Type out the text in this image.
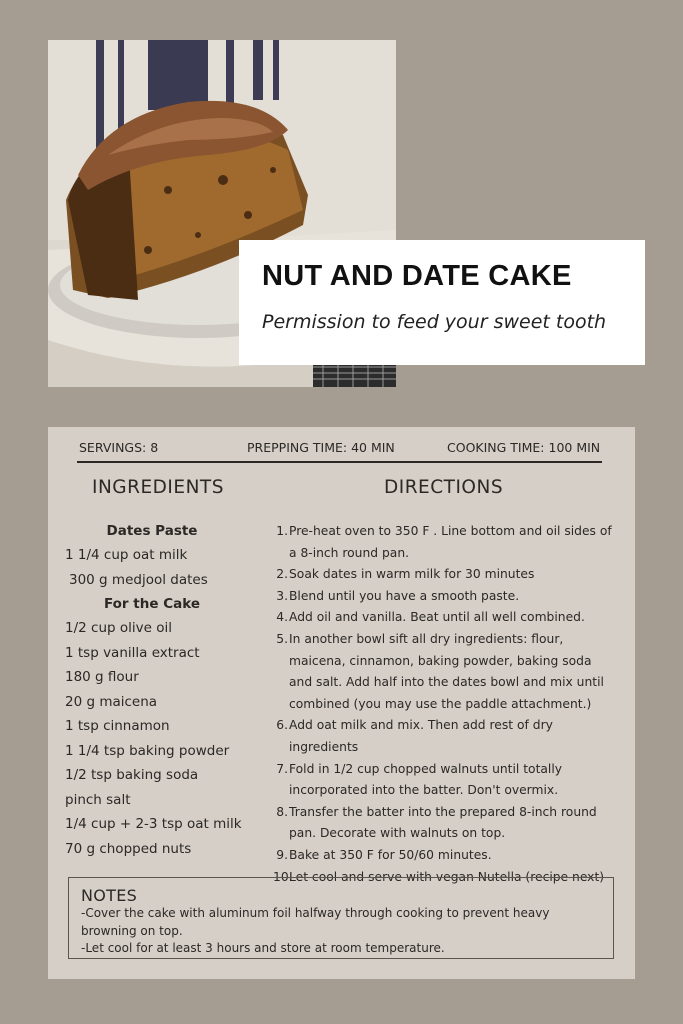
NUT AND DATE CAKE
Permission to feed your sweet tooth
SERVINGS: 8	PREPPING TIME: 40 MIN	COOKING TIME: 100 MIN
INGREDIENTS	DIRECTIONS
Dates Paste
1 1/4 cup oat milk
300 g medjool dates
For the Cake
1/2 cup olive oil
1 tsp vanilla extract
180 g flour
20 g maicena
1 tsp cinnamon
1 1/4 tsp baking powder
1/2 tsp baking soda
pinch salt
1/4 cup + 2-3 tsp oat milk
70 g chopped nuts
1. Pre-heat oven to 350 F . Line bottom and oil sides of a 8-inch round pan.
2. Soak dates in warm milk for 30 minutes
3. Blend until you have a smooth paste.
4. Add oil and vanilla. Beat until all well combined.
5. In another bowl sift all dry ingredients: flour, maicena, cinnamon, baking powder, baking soda and salt. Add half into the dates bowl and mix until combined (you may use the paddle attachment.)
6. Add oat milk and mix. Then add rest of dry ingredients
7. Fold in 1/2 cup chopped walnuts until totally incorporated into the batter. Don't overmix.
8. Transfer the batter into the prepared 8-inch round pan. Decorate with walnuts on top.
9. Bake at 350 F for 50/60 minutes.
10.
Let cool and serve with vegan Nutella (recipe next)
NOTES
-Cover the cake with aluminum foil halfway through cooking to prevent heavy browning on top.
-Let cool for at least 3 hours and store at room temperature.
